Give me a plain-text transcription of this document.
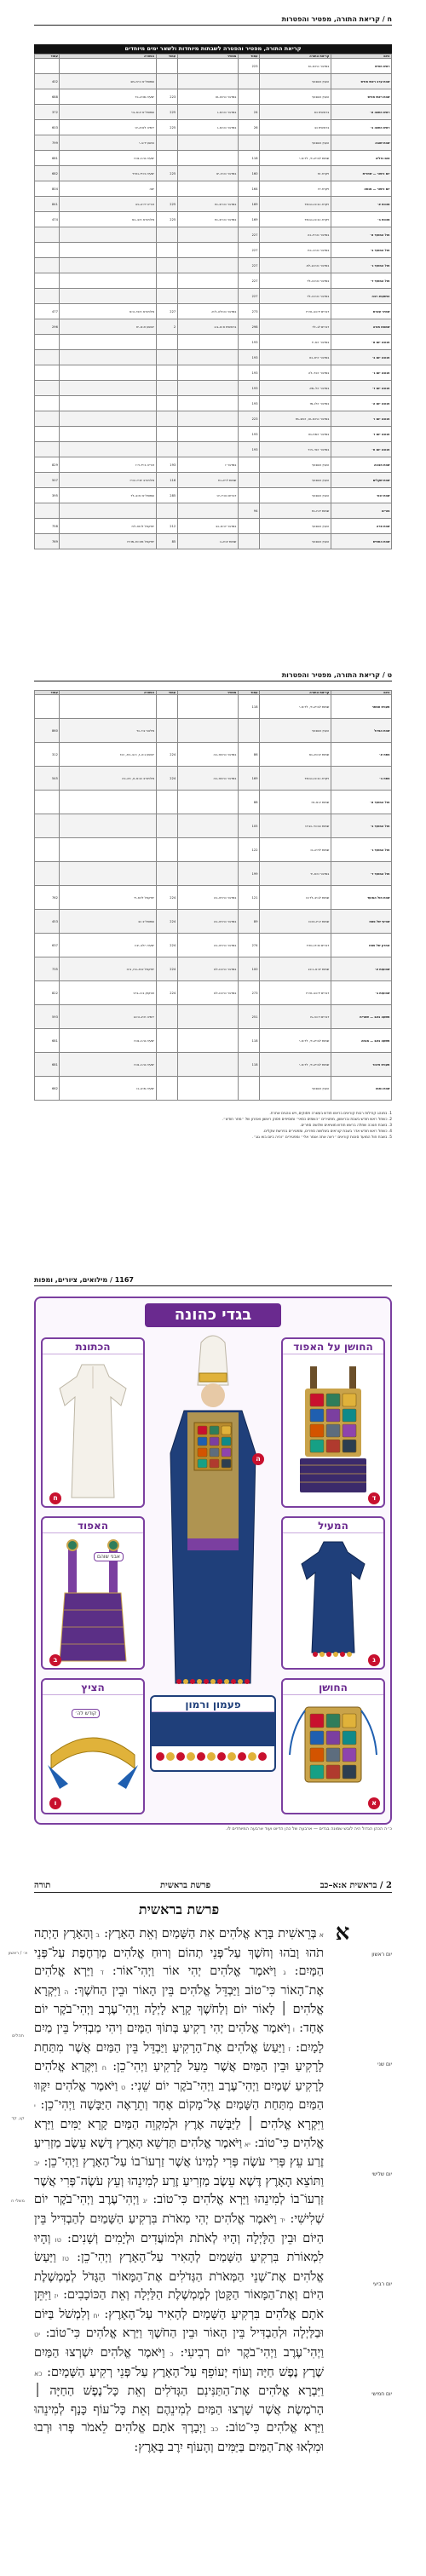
ח / קריאת התורה, מפטיר והפטרות
קריאת התורה, מפטיר והפטרה לשבתות מיוחדות ולשאר ימים מיוחדים
היום	קריאת התורה	עמוד	מפטיר	עמוד	הפטרה	עמוד
ראש חודש	במדבר כח:א–טו	223				
שבת ערב ראש חודש	הענין השבועי				שמואל־א כ:יח–מב	402
שבת ראש חודש	הענין השבועי		במדבר כח:ט–טו	223	ישעיה סו:א–כד	688
ראש השנה א׳	בראשית כא	24	במדבר כט:א–ו	225	שמואל־א א:א–ב:י	372
ראש השנה ב׳	בראשית כב	26	במדבר כט:א–ו	225	ירמיה לא:א–יט	603
שבת שובה	הענין השבועי				הושע יד:ב–י	799
צום גדליה	שמות לב:יא–יד, לד:א–י	118			ישעיה נה:ו–נו:ח	681
יום כיפור — שחרית	ויקרא טז	160	במדבר כט:ז–יא	225	ישעיה נז:יד–נח:יד	682
יום כיפור — מנחה	ויקרא יח	164			יונה	804
סוכות א׳	ויקרא כב:כו–כג:מד	169	במדבר כט:יב–טז	225	זכריה יד:א–כא	841
סוכות ב׳	ויקרא כב:כו–כג:מד	169	במדבר כט:יב–טז	225	מלכים־א ח:ב–כא	474
חול המועד א׳	במדבר כט:יז–כה	227				
חול המועד ב׳	במדבר כט:כ–כח	227				
חול המועד ג׳	במדבר כט:כג–לא	227				
חול המועד ד׳	במדבר כט:כו–לד	227				
הושענא רבה	במדבר כט:כו–לד	227				
שמיני עצרת	דברים יד:כב–טז:יז	273	במדבר כט:לה–ל:א	227	מלכים־א ח:נד–ט:א	477
שמחת תורה	דברים לג–לד	298	בראשית א:א–ב:ג	2	יהושע א:א–יח	296
חנוכה יום א׳	במדבר ז:א–יז	193				
חנוכה יום ב׳	במדבר ז:יח–כט	193				
חנוכה יום ג׳	במדבר ז:כד–לה	193				
חנוכה יום ד׳	במדבר ז:ל–מא	193				
חנוכה יום ה׳	במדבר ז:לו–מז	193				
חנוכה יום ו׳	במדבר כח:א–טו, ז:מב–מז	223				
חנוכה יום ז׳	במדבר ז:מח–נט	193				
חנוכה יום ח׳	במדבר ז:נד–ח:ד	193				
שבת חנוכה	הענין השבועי		במדבר ז	193	זכריה ב:יד–ד:ז	829
שבת שקלים	הענין השבועי		שמות ל:יא–טז	116	מלכים־ב יא:יז–יב:יז	507
שבת זכור	הענין השבועי		דברים כה:יז–יט	285	שמואל־א טו:ב–לד	395
פורים	שמות יז:ח–טז	94				
שבת פרה	הענין השבועי		במדבר יט:א–כב	212	יחזקאל לו:טז–לח	758
שבת החודש	הענין השבועי		שמות יב:א–כ	85	יחזקאל מה:טז–מו:יח	769
ט / קריאת התורה, מפטיר והפטרות
היום	קריאת התורה	עמוד	מפטיר	עמוד	הפטרה	עמוד
תענית אסתר	שמות לב:יא–יד, לד:א–י	118				
שבת הגדול	הענין השבועי				מלאכי ג:ד–כד	860
פסח א׳	שמות יב:כא–נא	86	במדבר כח:טז–כה	224	יהושע ג:ה–ז, ה:ב–ו:א, ו:כז	312
פסח ב׳	ויקרא כב:כו–כג:מד	169	במדבר כח:טז–כה	224	מלכים־ב כג:א–ט, כא–כה	545
חול המועד א׳	שמות יג:א–טז	88				
חול המועד ב׳	שמות כב:כד–כג:יט	105				
חול המועד ג׳	שמות לד:א–כו	122				
חול המועד ד׳	במדבר ט:א–יד	199				
שבת חול המועד	שמות לג:יב–לד:כו	121	במדבר כח:יט–כה	224	יחזקאל לז:א–יד	762
שביעי של פסח	שמות יג:יז–טו:כו	89	במדבר כח:יט–כה	224	שמואל־ב כב	453
אחרון של פסח	דברים טו:יט–טז:יז	274	במדבר כח:יט–כה	224	ישעיה י:לב–יב:ו	637
שבועות א׳	שמות יט:א–כ:כג	100	במדבר כח:כו–לא	224	יחזקאל א:א–כח, ג:יב	735
שבועות ב׳	דברים יד:כב–טז:יז	273	במדבר כח:כו–לא	224	חבקוק ב:כ–ג:יט	822
תשעה באב — שחרית	דברים ד:כה–מ	251			ירמיה ח:יג–ט:כג	593
תשעה באב — מנחה	שמות לב:יא–יד, לד:א–י	118			ישעיה נה:ו–נו:ח	681
תענית ציבור	שמות לב:יא–יד, לד:א–י	118			ישעיה נה:ו–נו:ח	681
שבת נחמו	הענין השבועי				ישעיה מ:א–כו	662

1. במנהג קהילות רבות קוראים בראש חודש בעשרה פסוקים, ויש נוהגים אחרת.

2. כשחל ראש חודש בשבת ובראשון, מפטירים ״השמים כסאי״ ומוסיפים פסוק ראשון ואחרון של ״מחר חודש״.

3. בשבת חנוכה שחלה בראש חודש מוציאים שלושה ספרים.

4. כשחל ראש חודש אדר בשבת קוראים בשלושה ספרים, ומפטירים בפרשת שקלים.

5. בשבת חול המועד סוכות קוראים ״ראה אתה אומר אלי״ ומפטירים ״והיה ביום בוא גוג״.

1167 / מילואים, ציורים, ומפות
בגדי כהונה
החושן על האפוד
ד
הכתונת
ח
המעיל
ג
האפוד
אבני שוהם
ב
ה
פעמון ורמון
הציץ
קודש לה׳
ו
החושן
א
כ״ה הכהן הגדול היה לובש שמונה בגדים — ארבעה של כהן הדיוט ועוד ארבעה המיוחדים לו.
2 / בראשית א:א–כב
פרשת בראשית
תורה
פרשת בראשית
א
א בְּרֵאשִׁית בָּרָא אֱלֹהִים אֵת הַשָּׁמַיִם וְאֵת הָאָרֶץ: ב וְהָאָרֶץ הָיְתָה תֹהוּ וָבֹהוּ וְחֹשֶׁךְ עַל־פְּנֵי תְהוֹם וְרוּחַ אֱלֹהִים מְרַחֶפֶת עַל־פְּנֵי הַמָּיִם: ג וַיֹּאמֶר אֱלֹהִים יְהִי אוֹר וַיְהִי־אוֹר: ד וַיַּרְא אֱלֹהִים אֶת־הָאוֹר כִּי־טוֹב וַיַּבְדֵּל אֱלֹהִים בֵּין הָאוֹר וּבֵין הַחֹשֶׁךְ: ה וַיִּקְרָא אֱלֹהִים ׀ לָאוֹר יוֹם וְלַחֹשֶׁךְ קָרָא לָיְלָה וַיְהִי־עֶרֶב וַיְהִי־בֹקֶר יוֹם אֶחָד: ו וַיֹּאמֶר אֱלֹהִים יְהִי רָקִיעַ בְּתוֹךְ הַמָּיִם וִיהִי מַבְדִּיל בֵּין מַיִם לָמָיִם: ז וַיַּעַשׂ אֱלֹהִים אֶת־הָרָקִיעַ וַיַּבְדֵּל בֵּין הַמַּיִם אֲשֶׁר מִתַּחַת לָרָקִיעַ וּבֵין הַמַּיִם אֲשֶׁר מֵעַל לָרָקִיעַ וַיְהִי־כֵן: ח וַיִּקְרָא אֱלֹהִים לָרָקִיעַ שָׁמָיִם וַיְהִי־עֶרֶב וַיְהִי־בֹקֶר יוֹם שֵׁנִי: ט וַיֹּאמֶר אֱלֹהִים יִקָּווּ הַמַּיִם מִתַּחַת הַשָּׁמַיִם אֶל־מָקוֹם אֶחָד וְתֵרָאֶה הַיַּבָּשָׁה וַיְהִי־כֵן: י וַיִּקְרָא אֱלֹהִים ׀ לַיַּבָּשָׁה אֶרֶץ וּלְמִקְוֵה הַמַּיִם קָרָא יַמִּים וַיַּרְא אֱלֹהִים כִּי־טוֹב: יא וַיֹּאמֶר אֱלֹהִים תַּדְשֵׁא הָאָרֶץ דֶּשֶׁא עֵשֶׂב מַזְרִיעַ זֶרַע עֵץ פְּרִי עֹשֶׂה פְּרִי לְמִינוֹ אֲשֶׁר זַרְעוֹ־בוֹ עַל־הָאָרֶץ וַיְהִי־כֵן: יב וַתּוֹצֵא הָאָרֶץ דֶּשֶׁא עֵשֶׂב מַזְרִיעַ זֶרַע לְמִינֵהוּ וְעֵץ עֹשֶׂה־פְּרִי אֲשֶׁר זַרְעוֹ־בוֹ לְמִינֵהוּ וַיַּרְא אֱלֹהִים כִּי־טוֹב: יג וַיְהִי־עֶרֶב וַיְהִי־בֹקֶר יוֹם שְׁלִישִׁי: יד וַיֹּאמֶר אֱלֹהִים יְהִי מְאֹרֹת בִּרְקִיעַ הַשָּׁמַיִם לְהַבְדִּיל בֵּין הַיּוֹם וּבֵין הַלָּיְלָה וְהָיוּ לְאֹתֹת וּלְמוֹעֲדִים וּלְיָמִים וְשָׁנִים: טו וְהָיוּ לִמְאוֹרֹת בִּרְקִיעַ הַשָּׁמַיִם לְהָאִיר עַל־הָאָרֶץ וַיְהִי־כֵן: טז וַיַּעַשׂ אֱלֹהִים אֶת־שְׁנֵי הַמְּאֹרֹת הַגְּדֹלִים אֶת־הַמָּאוֹר הַגָּדֹל לְמֶמְשֶׁלֶת הַיּוֹם וְאֶת־הַמָּאוֹר הַקָּטֹן לְמֶמְשֶׁלֶת הַלַּיְלָה וְאֵת הַכּוֹכָבִים: יז וַיִּתֵּן אֹתָם אֱלֹהִים בִּרְקִיעַ הַשָּׁמָיִם לְהָאִיר עַל־הָאָרֶץ: יח וְלִמְשֹׁל בַּיּוֹם וּבַלַּיְלָה וּלְהַבְדִּיל בֵּין הָאוֹר וּבֵין הַחֹשֶׁךְ וַיַּרְא אֱלֹהִים כִּי־טוֹב: יט וַיְהִי־עֶרֶב וַיְהִי־בֹקֶר יוֹם רְבִיעִי: כ וַיֹּאמֶר אֱלֹהִים יִשְׁרְצוּ הַמַּיִם שֶׁרֶץ נֶפֶשׁ חַיָּה וְעוֹף יְעוֹפֵף עַל־הָאָרֶץ עַל־פְּנֵי רְקִיעַ הַשָּׁמָיִם: כא וַיִּבְרָא אֱלֹהִים אֶת־הַתַּנִּינִם הַגְּדֹלִים וְאֵת כָּל־נֶפֶשׁ הַחַיָּה ׀ הָרֹמֶשֶׂת אֲשֶׁר שָׁרְצוּ הַמַּיִם לְמִינֵהֶם וְאֵת כָּל־עוֹף כָּנָף לְמִינֵהוּ וַיַּרְא אֱלֹהִים כִּי־טוֹב: כב וַיְבָרֶךְ אֹתָם אֱלֹהִים לֵאמֹר פְּרוּ וּרְבוּ וּמִלְאוּ אֶת־הַמַּיִם בַּיַּמִּים וְהָעוֹף יִרֶב בָּאָרֶץ:
יום ראשון
יום שני
יום שלישי
יום רביעי
יום חמישי
א׳ / ראשון
תהלים
קג, קד
משלי ח
